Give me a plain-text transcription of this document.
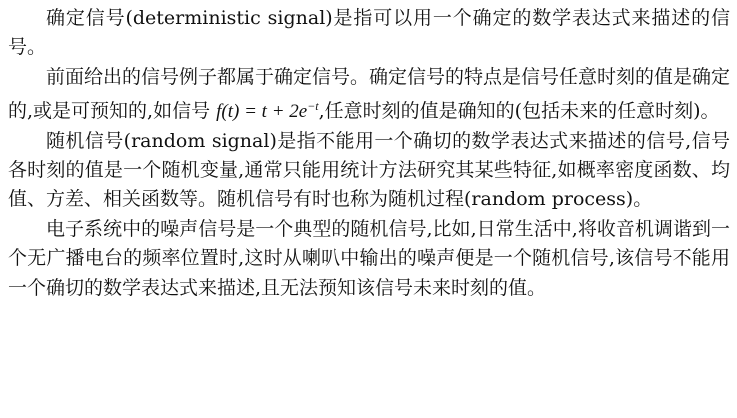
确定信号(deterministic signal)是指可以用一个确定的数学表达式来描述的信号。

前面给出的信号例子都属于确定信号。确定信号的特点是信号任意时刻的值是确定的,或是可预知的,如信号 $f(t) = t + 2e^{-t}$,任意时刻的值是确知的(包括未来的任意时刻)。

随机信号(random signal)是指不能用一个确切的数学表达式来描述的信号,信号各时刻的值是一个随机变量,通常只能用统计方法研究其某些特征,如概率密度函数、均值、方差、相关函数等。随机信号有时也称为随机过程(random process)。

电子系统中的噪声信号是一个典型的随机信号,比如,日常生活中,将收音机调谐到一个无广播电台的频率位置时,这时从喇叭中输出的噪声便是一个随机信号,该信号不能用一个确切的数学表达式来描述,且无法预知该信号未来时刻的值。
